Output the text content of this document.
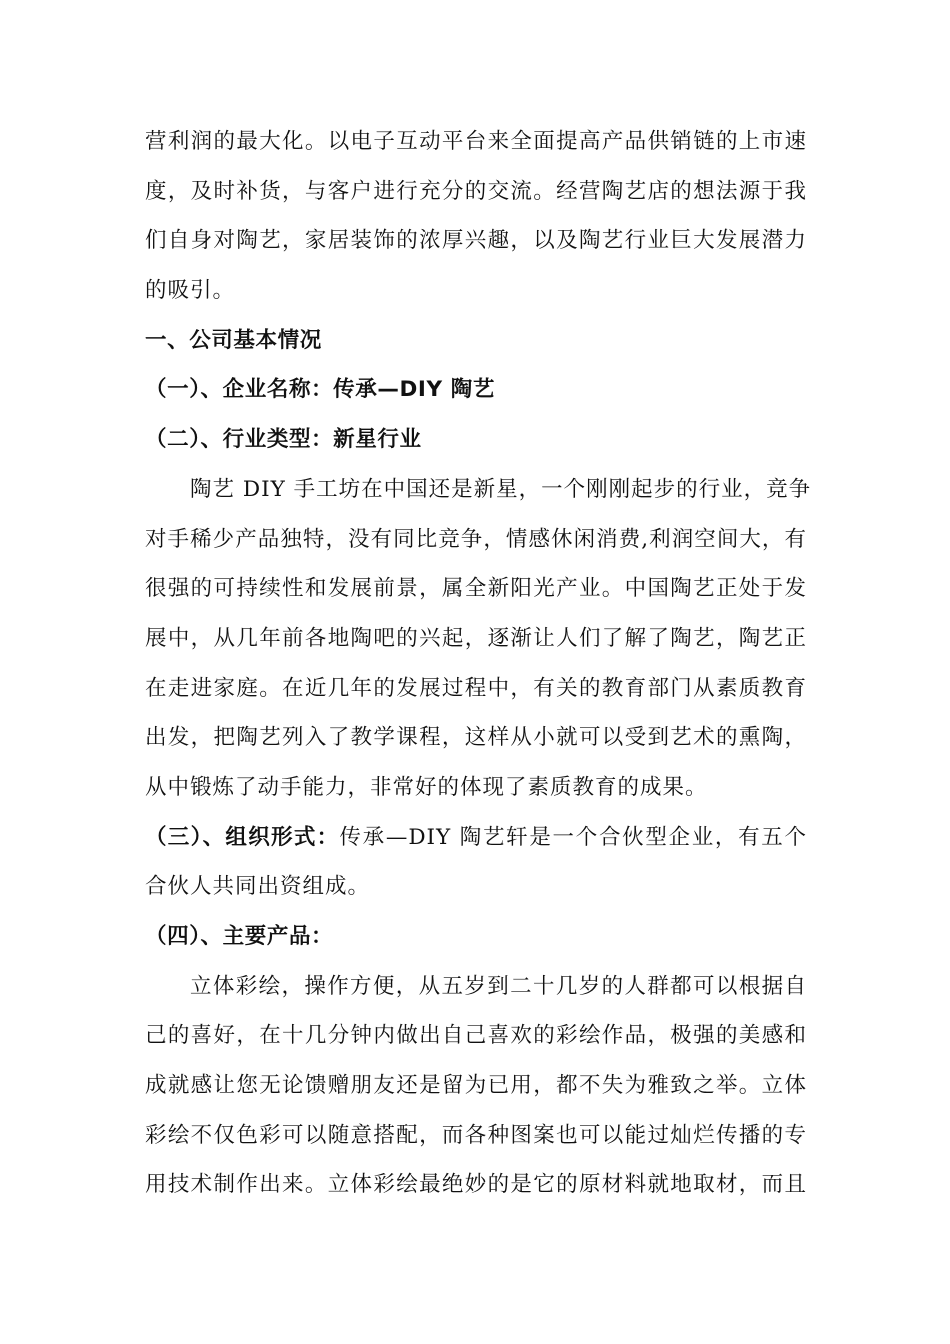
营利润的最大化。以电子互动平台来全面提高产品供销链的上市速
度，及时补货，与客户进行充分的交流。经营陶艺店的想法源于我
们自身对陶艺，家居装饰的浓厚兴趣，以及陶艺行业巨大发展潜力
的吸引。
一、公司基本情况
（一）、企业名称：传承—DIY 陶艺
（二）、行业类型：新星行业
陶艺 DIY 手工坊在中国还是新星，一个刚刚起步的行业，竞争
对手稀少产品独特，没有同比竞争，情感休闲消费,利润空间大，有
很强的可持续性和发展前景，属全新阳光产业。中国陶艺正处于发
展中，从几年前各地陶吧的兴起，逐渐让人们了解了陶艺，陶艺正
在走进家庭。在近几年的发展过程中，有关的教育部门从素质教育
出发，把陶艺列入了教学课程，这样从小就可以受到艺术的熏陶，
从中锻炼了动手能力，非常好的体现了素质教育的成果。
（三）、组织形式：传承—DIY 陶艺轩是一个合伙型企业，有五个
合伙人共同出资组成。
（四）、主要产品：
立体彩绘，操作方便，从五岁到二十几岁的人群都可以根据自
己的喜好，在十几分钟内做出自己喜欢的彩绘作品，极强的美感和
成就感让您无论馈赠朋友还是留为已用，都不失为雅致之举。立体
彩绘不仅色彩可以随意搭配，而各种图案也可以能过灿烂传播的专
用技术制作出来。立体彩绘最绝妙的是它的原材料就地取材，而且
